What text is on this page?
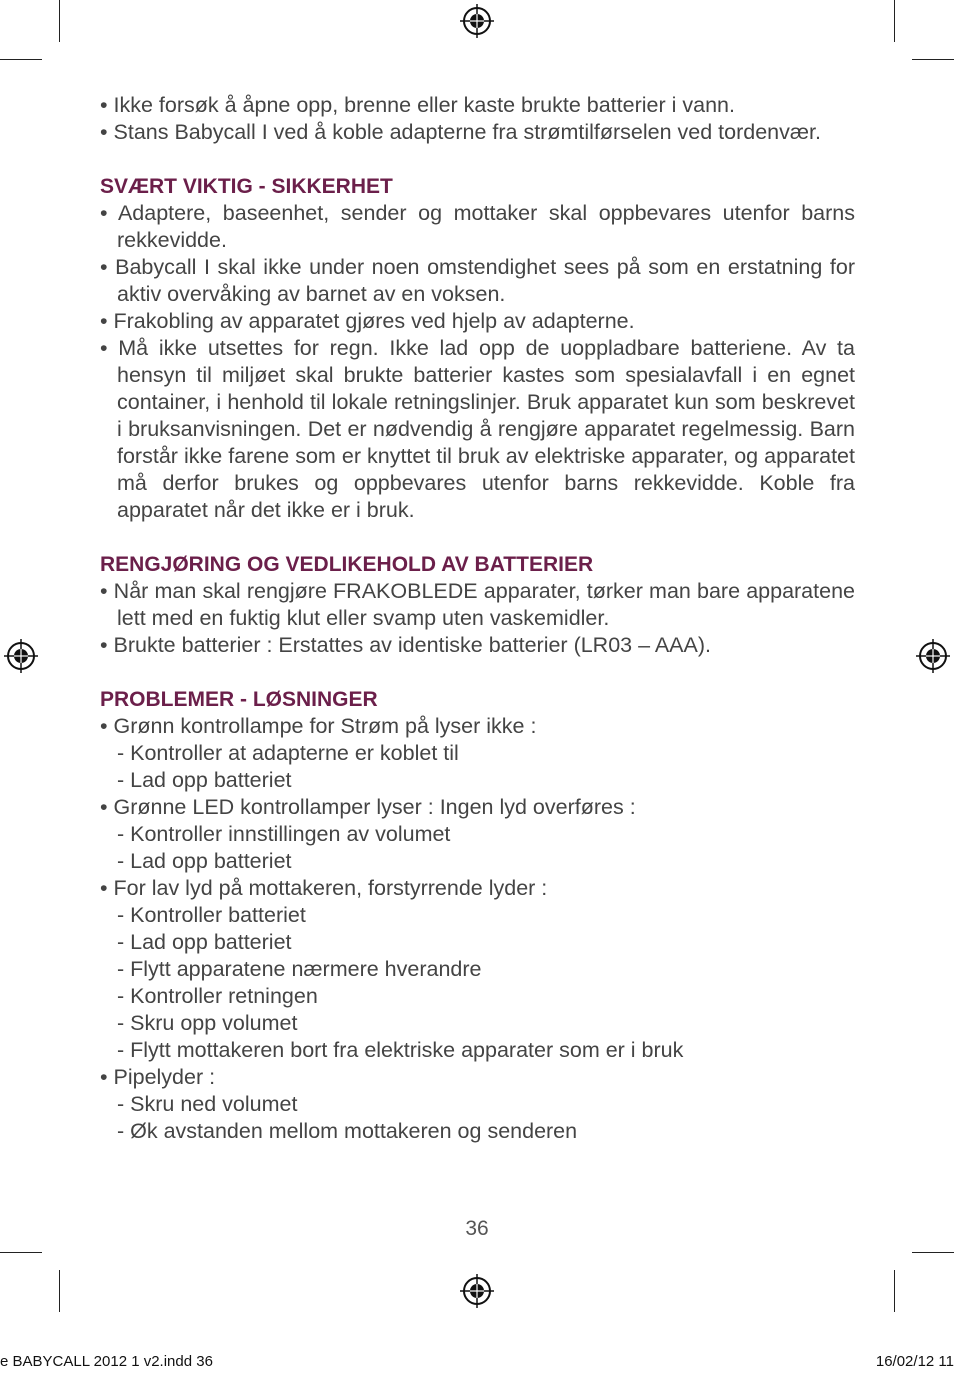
• Ikke forsøk å åpne opp, brenne eller kaste brukte batterier i vann.
• Stans Babycall I ved å koble adapterne fra strømtilførselen ved tordenvær.
SVÆRT VIKTIG - SIKKERHET
• Adaptere, baseenhet, sender og mottaker skal oppbevares utenfor barns rekkevidde.
• Babycall I skal ikke under noen omstendighet sees på som en erstatning for aktiv overvåking av barnet av en voksen.
• Frakobling av apparatet gjøres ved hjelp av adapterne.
• Må ikke utsettes for regn. Ikke lad opp de uoppladbare batteriene. Av ta hensyn til miljøet skal brukte batterier kastes som spesialavfall i en egnet container, i henhold til lokale retningslinjer. Bruk apparatet kun som beskrevet i bruksanvisningen. Det er nødvendig å rengjøre apparatet regelmessig. Barn forstår ikke farene som er knyttet til bruk av elektriske apparater, og apparatet må derfor brukes og oppbevares utenfor barns rekkevidde. Koble fra apparatet når det ikke er i bruk.
RENGJØRING OG VEDLIKEHOLD AV BATTERIER
• Når man skal rengjøre FRAKOBLEDE apparater, tørker man bare apparatene lett med en fuktig klut eller svamp uten vaskemidler.
• Brukte batterier : Erstattes av identiske batterier (LR03 – AAA).
PROBLEMER - LØSNINGER
• Grønn kontrollampe for Strøm på lyser ikke :
- Kontroller at adapterne er koblet til
- Lad opp batteriet
• Grønne LED kontrollamper lyser : Ingen lyd overføres :
- Kontroller innstillingen av volumet
- Lad opp batteriet
• For lav lyd på mottakeren, forstyrrende lyder :
- Kontroller batteriet
- Lad opp batteriet
- Flytt apparatene nærmere hverandre
- Kontroller retningen
- Skru opp volumet
- Flytt mottakeren bort fra elektriske apparater som er i bruk
• Pipelyder :
- Skru ned volumet
- Øk avstanden mellom mottakeren og senderen
36
e BABYCALL 2012 1 v2.indd 36	16/02/12 11
